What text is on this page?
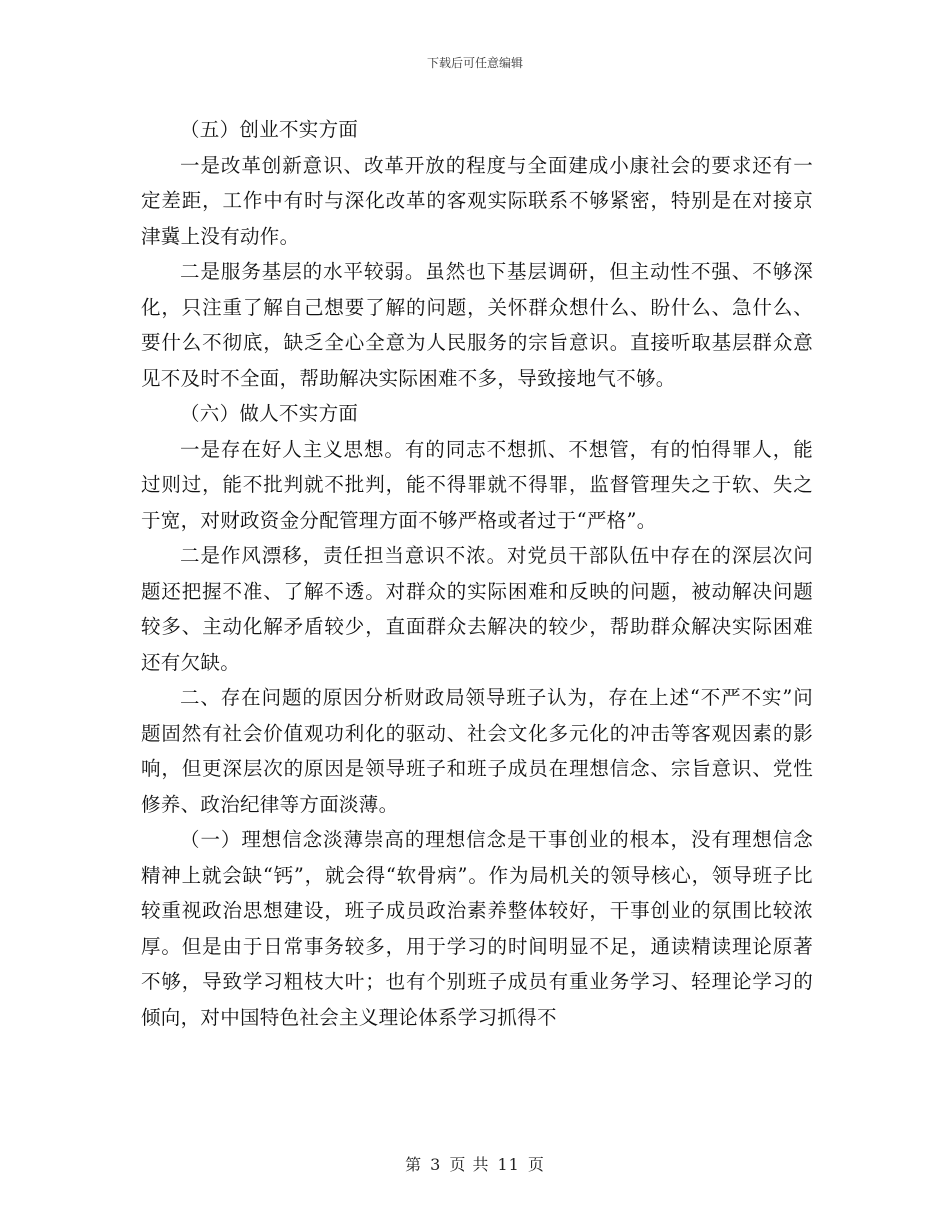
下载后可任意编辑

（五）创业不实方面

一是改革创新意识、改革开放的程度与全面建成小康社会的要求还有一定差距，工作中有时与深化改革的客观实际联系不够紧密，特别是在对接京津冀上没有动作。

二是服务基层的水平较弱。虽然也下基层调研，但主动性不强、不够深化，只注重了解自己想要了解的问题，关怀群众想什么、盼什么、急什么、要什么不彻底，缺乏全心全意为人民服务的宗旨意识。直接听取基层群众意见不及时不全面，帮助解决实际困难不多，导致接地气不够。

（六）做人不实方面

一是存在好人主义思想。有的同志不想抓、不想管，有的怕得罪人，能过则过，能不批判就不批判，能不得罪就不得罪，监督管理失之于软、失之于宽，对财政资金分配管理方面不够严格或者过于“严格”。

二是作风漂移，责任担当意识不浓。对党员干部队伍中存在的深层次问题还把握不准、了解不透。对群众的实际困难和反映的问题，被动解决问题较多、主动化解矛盾较少，直面群众去解决的较少，帮助群众解决实际困难还有欠缺。

二、存在问题的原因分析财政局领导班子认为，存在上述“不严不实”问题固然有社会价值观功利化的驱动、社会文化多元化的冲击等客观因素的影响，但更深层次的原因是领导班子和班子成员在理想信念、宗旨意识、党性修养、政治纪律等方面淡薄。

（一）理想信念淡薄崇高的理想信念是干事创业的根本，没有理想信念精神上就会缺“钙”，就会得“软骨病”。作为局机关的领导核心，领导班子比较重视政治思想建设，班子成员政治素养整体较好，干事创业的氛围比较浓厚。但是由于日常事务较多，用于学习的时间明显不足，通读精读理论原著不够，导致学习粗枝大叶；也有个别班子成员有重业务学习、轻理论学习的倾向，对中国特色社会主义理论体系学习抓得不

第 3 页 共 11 页
